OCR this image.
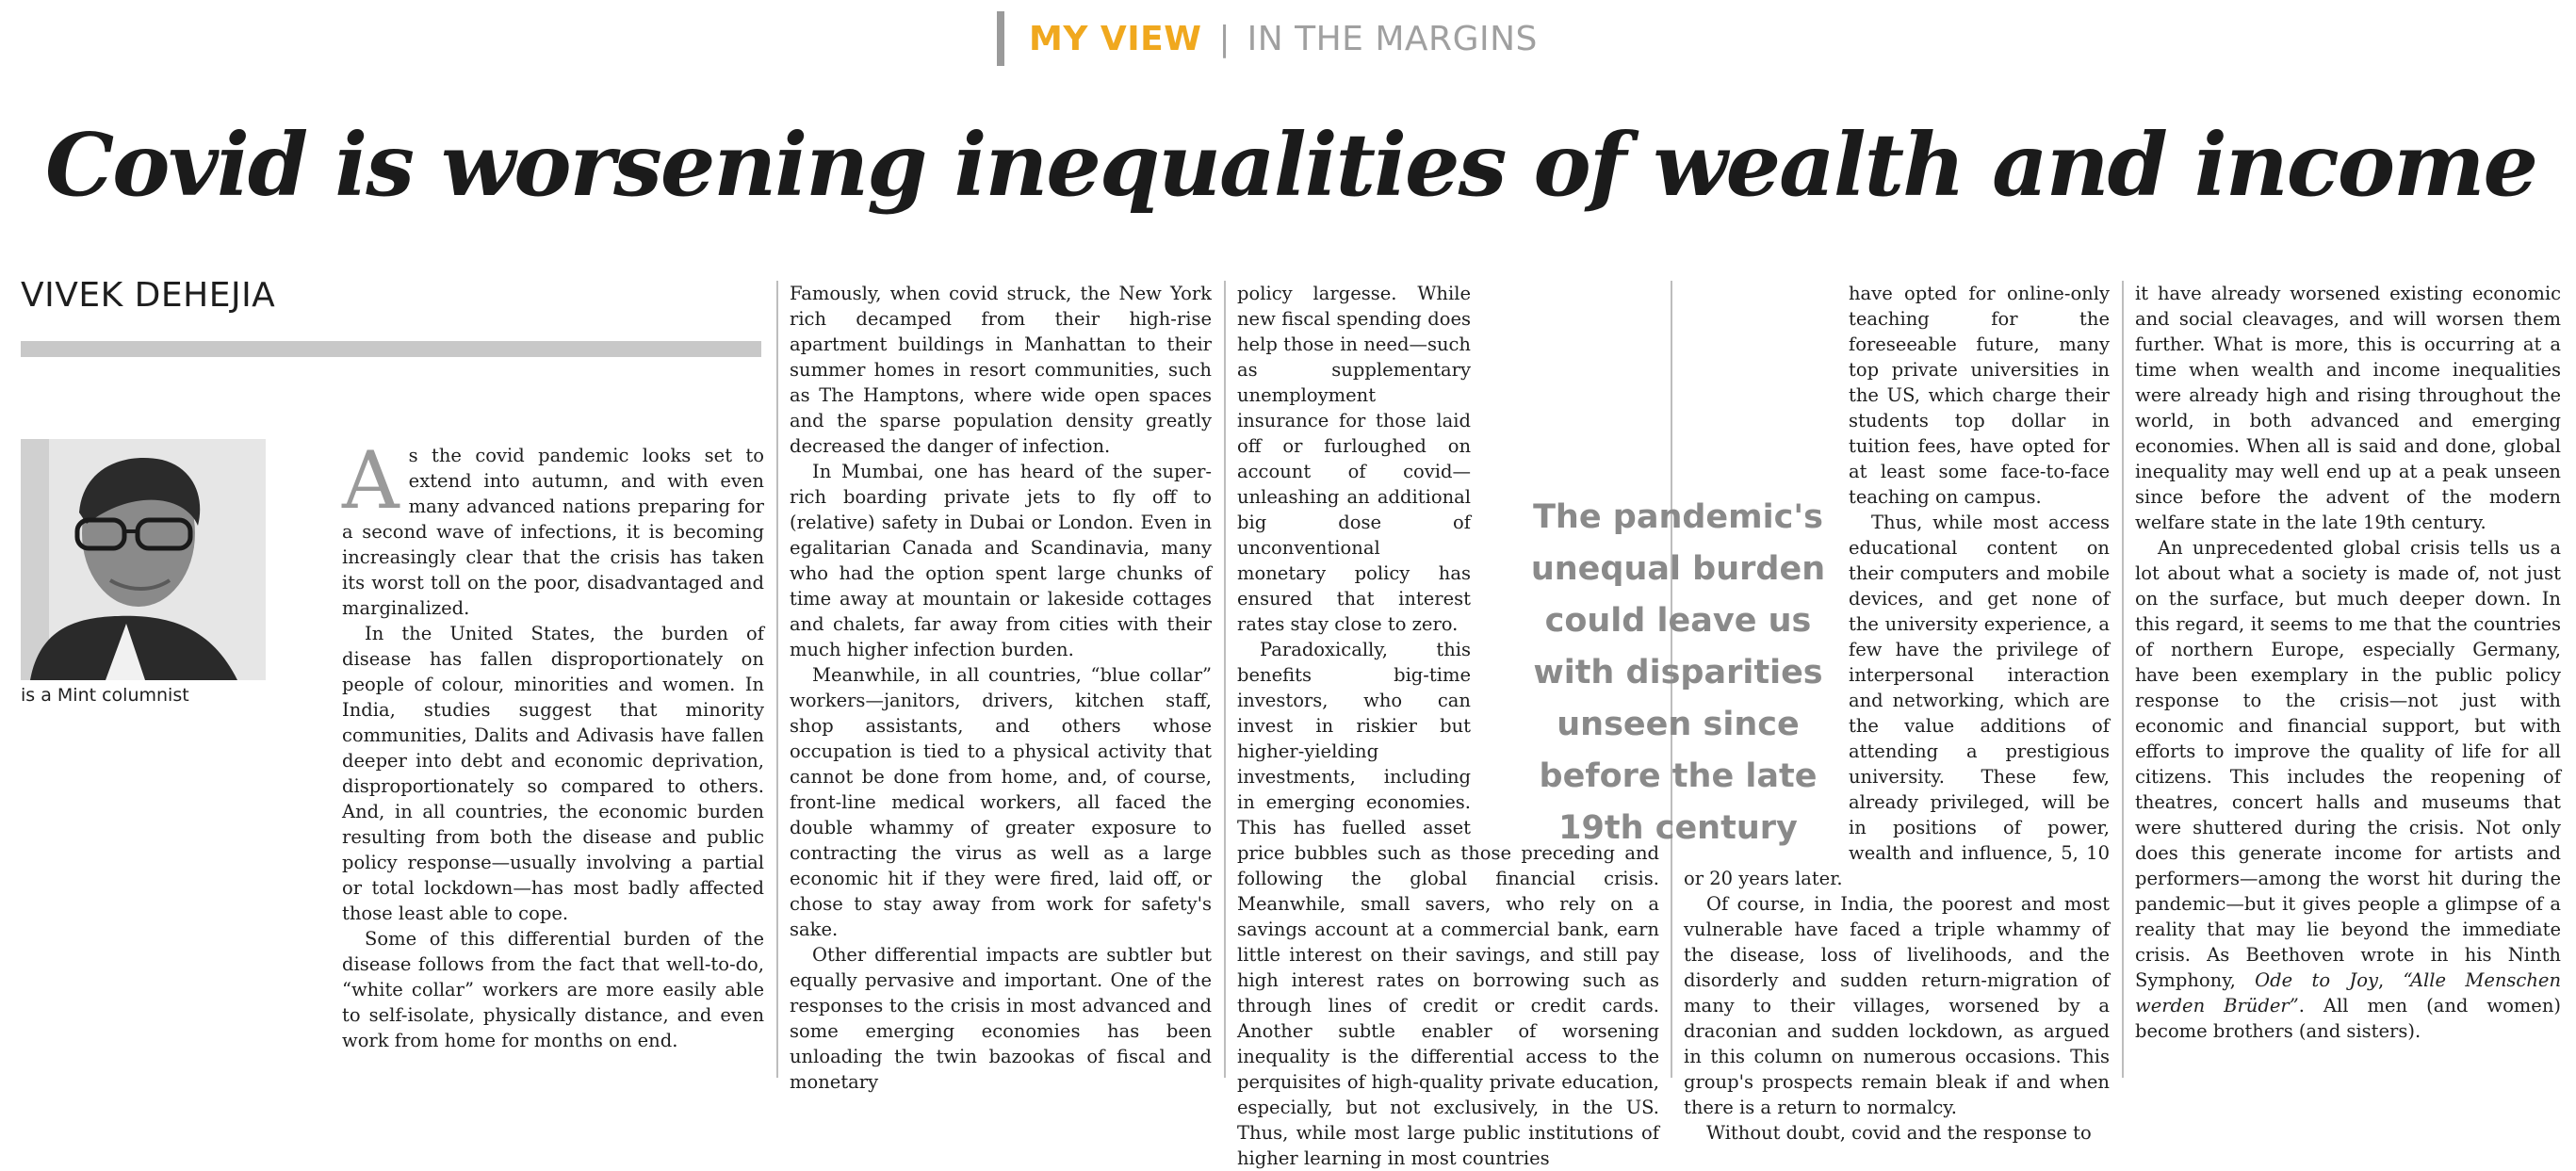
MY VIEW | IN THE MARGINS
Covid is worsening inequalities of wealth and income
VIVEK DEHEJIA
is a Mint columnist

As the covid pandemic looks set to extend into autumn, and with even many advanced nations preparing for a second wave of infections, it is becoming increasingly clear that the crisis has taken its worst toll on the poor, disadvantaged and marginalized.

In the United States, the burden of disease has fallen disproportionately on people of colour, minorities and women. In India, studies suggest that minority communities, Dalits and Adivasis have fallen deeper into debt and economic deprivation, disproportionately so compared to others. And, in all countries, the economic burden resulting from both the disease and public policy response—usually involving a partial or total lockdown—has most badly affected those least able to cope.

Some of this differential burden of the disease follows from the fact that well-to-do, “white collar” workers are more easily able to self-isolate, physically distance, and even work from home for months on end.

Famously, when covid struck, the New York rich decamped from their high-rise apartment buildings in Manhattan to their summer homes in resort communities, such as The Hamptons, where wide open spaces and the sparse population density greatly decreased the danger of infection.

In Mumbai, one has heard of the super-rich boarding private jets to fly off to (relative) safety in Dubai or London. Even in egalitarian Canada and Scandinavia, many who had the option spent large chunks of time away at mountain or lakeside cottages and chalets, far away from cities with their much higher infection burden.

Meanwhile, in all countries, “blue collar” workers—janitors, drivers, kitchen staff, shop assistants, and others whose occupation is tied to a physical activity that cannot be done from home, and, of course, front-line medical workers, all faced the double whammy of greater exposure to contracting the virus as well as a large economic hit if they were fired, laid off, or chose to stay away from work for safety's sake.

Other differential impacts are subtler but equally pervasive and important. One of the responses to the crisis in most advanced and some emerging economies has been unloading the twin bazookas of fiscal and monetary

policy largesse. While new fiscal spending does help those in need—such as supplementary unemployment insurance for those laid off or furloughed on account of covid—unleashing an additional big dose of unconventional monetary policy has ensured that interest rates stay close to zero.

Paradoxically, this benefits big-time investors, who can invest in riskier but higher-yielding investments, including in emerging economies. This has fuelled asset price bubbles such as those preceding and following the global financial crisis. Meanwhile, small savers, who rely on a savings account at a commercial bank, earn little interest on their savings, and still pay high interest rates on borrowing such as through lines of credit or credit cards. Another subtle enabler of worsening inequality is the differential access to the perquisites of high-quality private education, especially, but not exclusively, in the US. Thus, while most large public institutions of higher learning in most countries

have opted for online-only teaching for the foreseeable future, many top private universities in the US, which charge their students top dollar in tuition fees, have opted for at least some face-to-face teaching on campus.

Thus, while most access educational content on their computers and mobile devices, and get none of the university experience, a few have the privilege of interpersonal interaction and networking, which are the value additions of attending a prestigious university. These few, already privileged, will be in positions of power, wealth and influence, 5, 10 or 20 years later.

Of course, in India, the poorest and most vulnerable have faced a triple whammy of the disease, loss of livelihoods, and the disorderly and sudden return-migration of many to their villages, worsened by a draconian and sudden lockdown, as argued in this column on numerous occasions. This group's prospects remain bleak if and when there is a return to normalcy.

Without doubt, covid and the response to

it have already worsened existing economic and social cleavages, and will worsen them further. What is more, this is occurring at a time when wealth and income inequalities were already high and rising throughout the world, in both advanced and emerging economies. When all is said and done, global inequality may well end up at a peak unseen since before the advent of the modern welfare state in the late 19th century.

An unprecedented global crisis tells us a lot about what a society is made of, not just on the surface, but much deeper down. In this regard, it seems to me that the countries of northern Europe, especially Germany, have been exemplary in the public policy response to the crisis—not just with economic and financial support, but with efforts to improve the quality of life for all citizens. This includes the reopening of theatres, concert halls and museums that were shuttered during the crisis. Not only does this generate income for artists and performers—among the worst hit during the pandemic—but it gives people a glimpse of a reality that may lie beyond the immediate crisis. As Beethoven wrote in his Ninth Symphony, Ode to Joy, “Alle Menschen werden Brüder”. All men (and women) become brothers (and sisters).

The pandemic's unequal burden could leave us with disparities unseen since before the late 19th century
